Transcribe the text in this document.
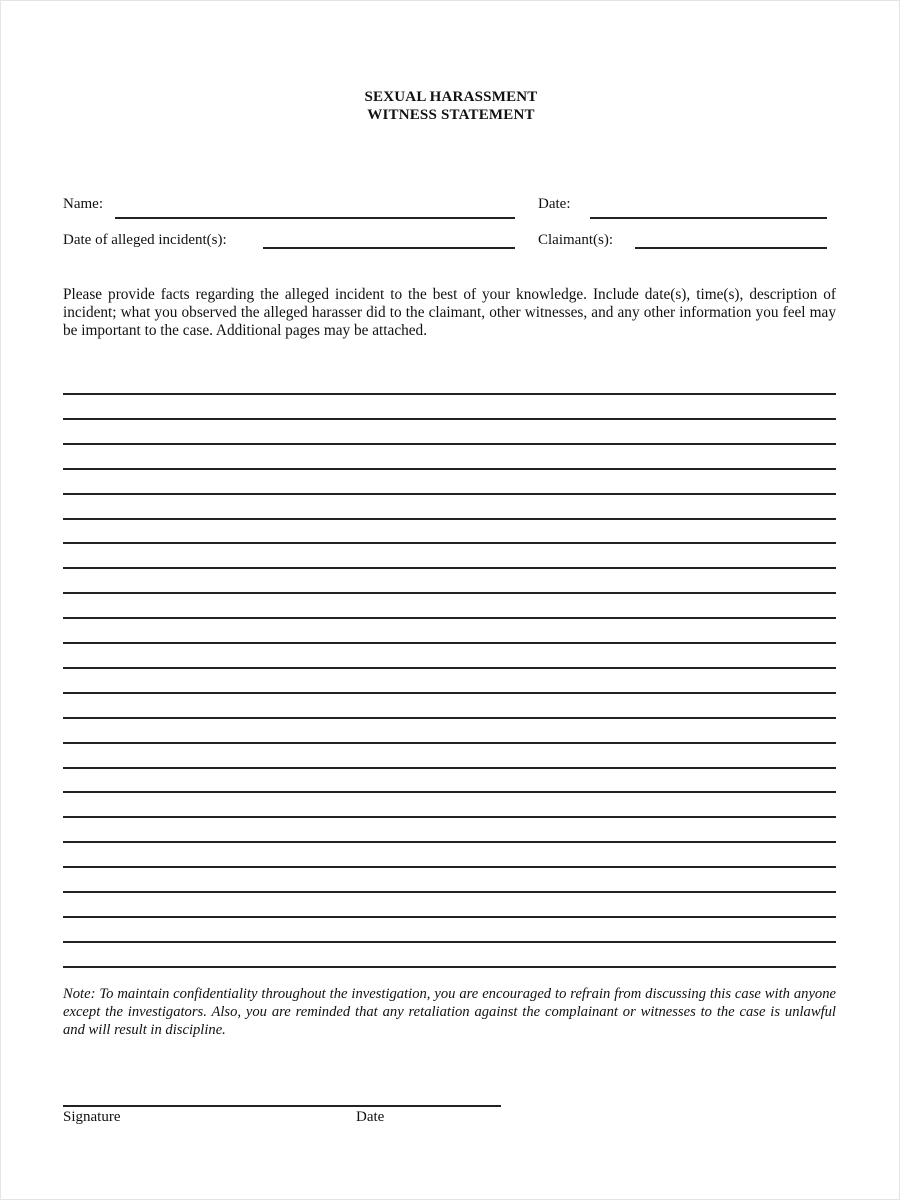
SEXUAL HARASSMENT
WITNESS STATEMENT
Name:	Date:
Date of alleged incident(s):	Claimant(s):
Please provide facts regarding the alleged incident to the best of your knowledge. Include date(s), time(s), description of incident; what you observed the alleged harasser did to the claimant, other witnesses, and any other information you feel may be important to the case. Additional pages may be attached.
Note: To maintain confidentiality throughout the investigation, you are encouraged to refrain from discussing this case with anyone except the investigators. Also, you are reminded that any retaliation against the complainant or witnesses to the case is unlawful and will result in discipline.
Signature	Date
